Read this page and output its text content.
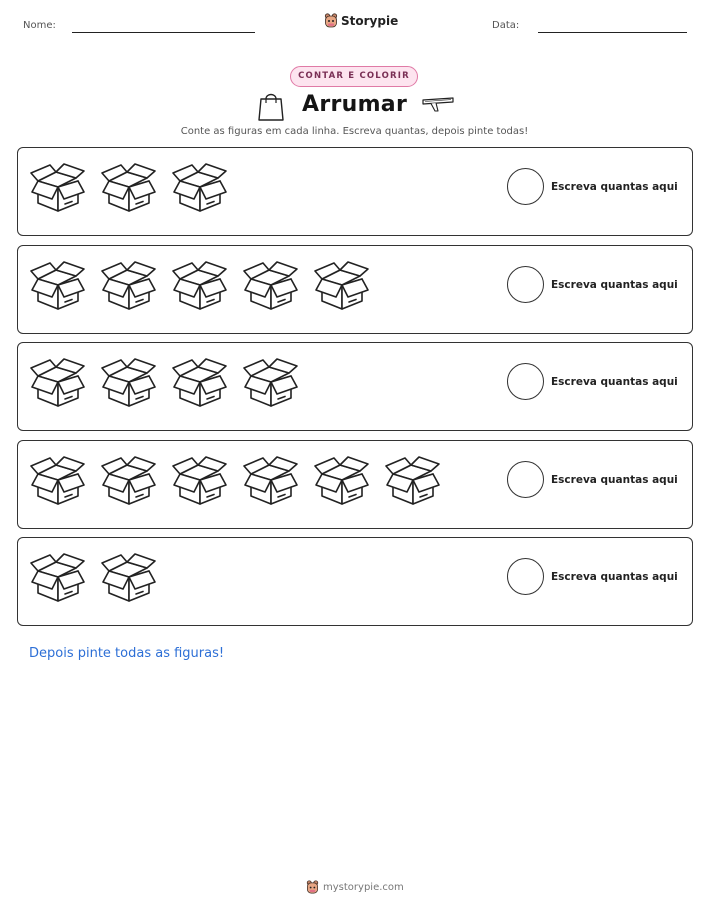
Nome:	Storypie	Data:
CONTAR E COLORIR
Arrumar
Conte as figuras em cada linha. Escreva quantas, depois pinte todas!
Escreva quantas aqui
Escreva quantas aqui
Escreva quantas aqui
Escreva quantas aqui
Escreva quantas aqui
Depois pinte todas as figuras!
mystorypie.com
